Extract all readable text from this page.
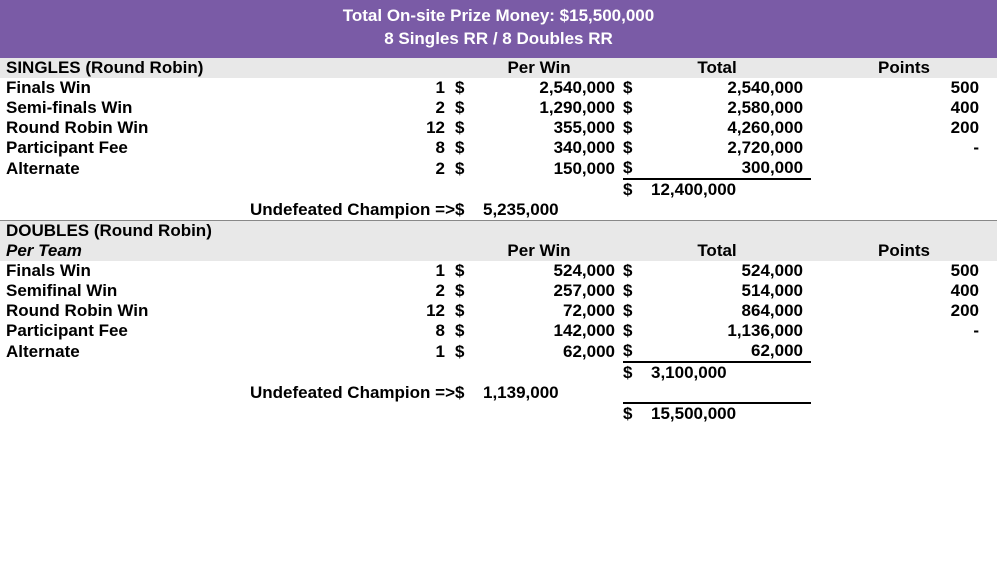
Total On-site Prize Money: $15,500,000
8 Singles RR / 8 Doubles RR
SINGLES (Round Robin)		Per Win		Total		Points
Finals Win	1	$	2,540,000	$	2,540,000	500
Semi-finals Win	2	$	1,290,000	$	2,580,000	400
Round Robin Win	12	$	355,000	$	4,260,000	200
Participant Fee	8	$	340,000	$	2,720,000	-
Alternate	2	$	150,000	$	300,000	
				$	12,400,000	
Undefeated Champion =>		$	5,235,000			
DOUBLES (Round Robin)						
Per Team		Per Win		Total		Points
Finals Win	1	$	524,000	$	524,000	500
Semifinal Win	2	$	257,000	$	514,000	400
Round Robin Win	12	$	72,000	$	864,000	200
Participant Fee	8	$	142,000	$	1,136,000	-
Alternate	1	$	62,000	$	62,000	
				$	3,100,000	
Undefeated Champion =>		$	1,139,000			
				$	15,500,000	
